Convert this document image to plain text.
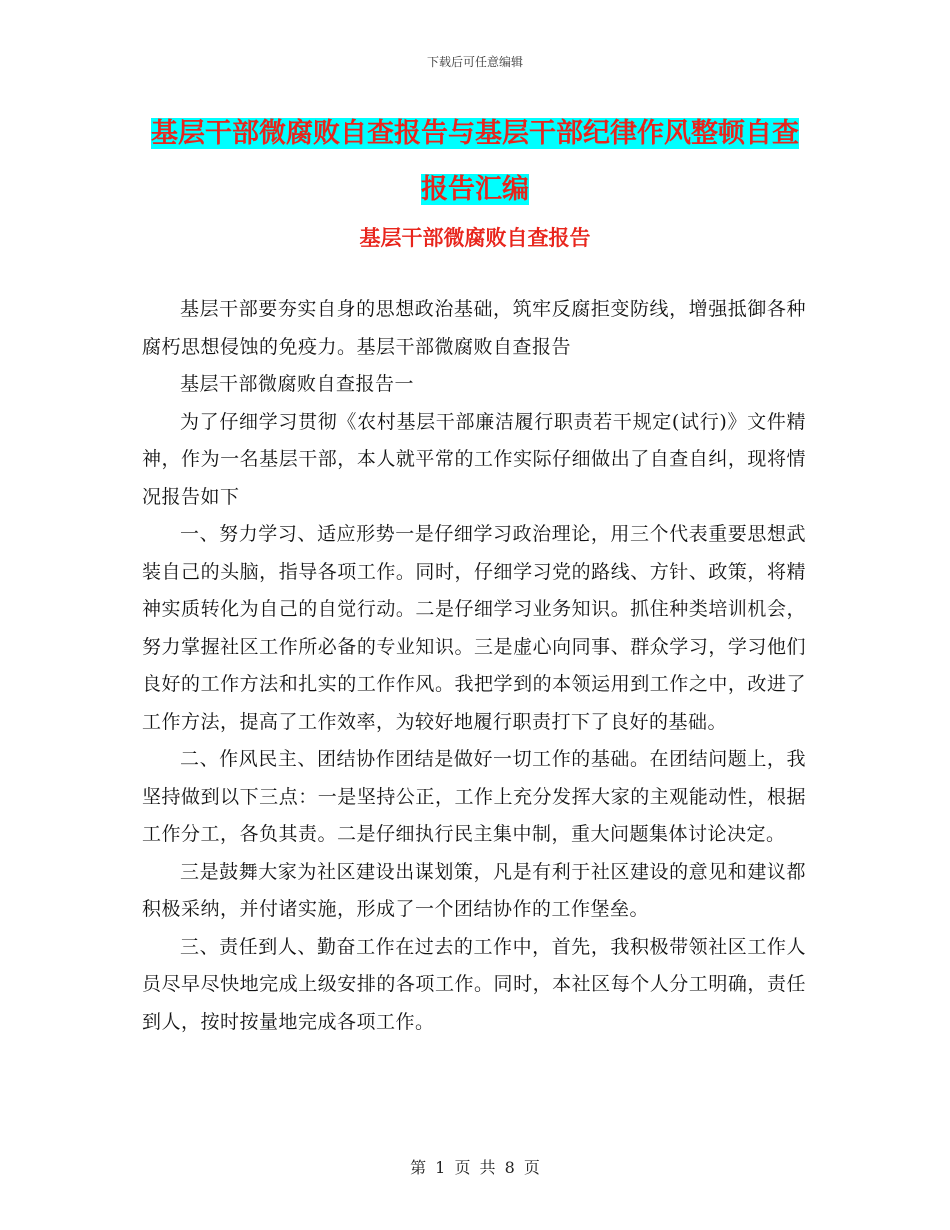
下载后可任意编辑
基层干部微腐败自查报告与基层干部纪律作风整顿自查报告汇编
基层干部微腐败自查报告

基层干部要夯实自身的思想政治基础，筑牢反腐拒变防线，增强抵御各种腐朽思想侵蚀的免疫力。基层干部微腐败自查报告

基层干部微腐败自查报告一

为了仔细学习贯彻《农村基层干部廉洁履行职责若干规定(试行)》文件精神，作为一名基层干部，本人就平常的工作实际仔细做出了自查自纠，现将情况报告如下

一、努力学习、适应形势一是仔细学习政治理论，用三个代表重要思想武装自己的头脑，指导各项工作。同时，仔细学习党的路线、方针、政策，将精神实质转化为自己的自觉行动。二是仔细学习业务知识。抓住种类培训机会，努力掌握社区工作所必备的专业知识。三是虚心向同事、群众学习，学习他们良好的工作方法和扎实的工作作风。我把学到的本领运用到工作之中，改进了工作方法，提高了工作效率，为较好地履行职责打下了良好的基础。

二、作风民主、团结协作团结是做好一切工作的基础。在团结问题上，我坚持做到以下三点：一是坚持公正，工作上充分发挥大家的主观能动性，根据工作分工，各负其责。二是仔细执行民主集中制，重大问题集体讨论决定。

三是鼓舞大家为社区建设出谋划策，凡是有利于社区建设的意见和建议都积极采纳，并付诸实施，形成了一个团结协作的工作堡垒。

三、责任到人、勤奋工作在过去的工作中，首先，我积极带领社区工作人员尽早尽快地完成上级安排的各项工作。同时，本社区每个人分工明确，责任到人，按时按量地完成各项工作。

第 1 页 共 8 页
